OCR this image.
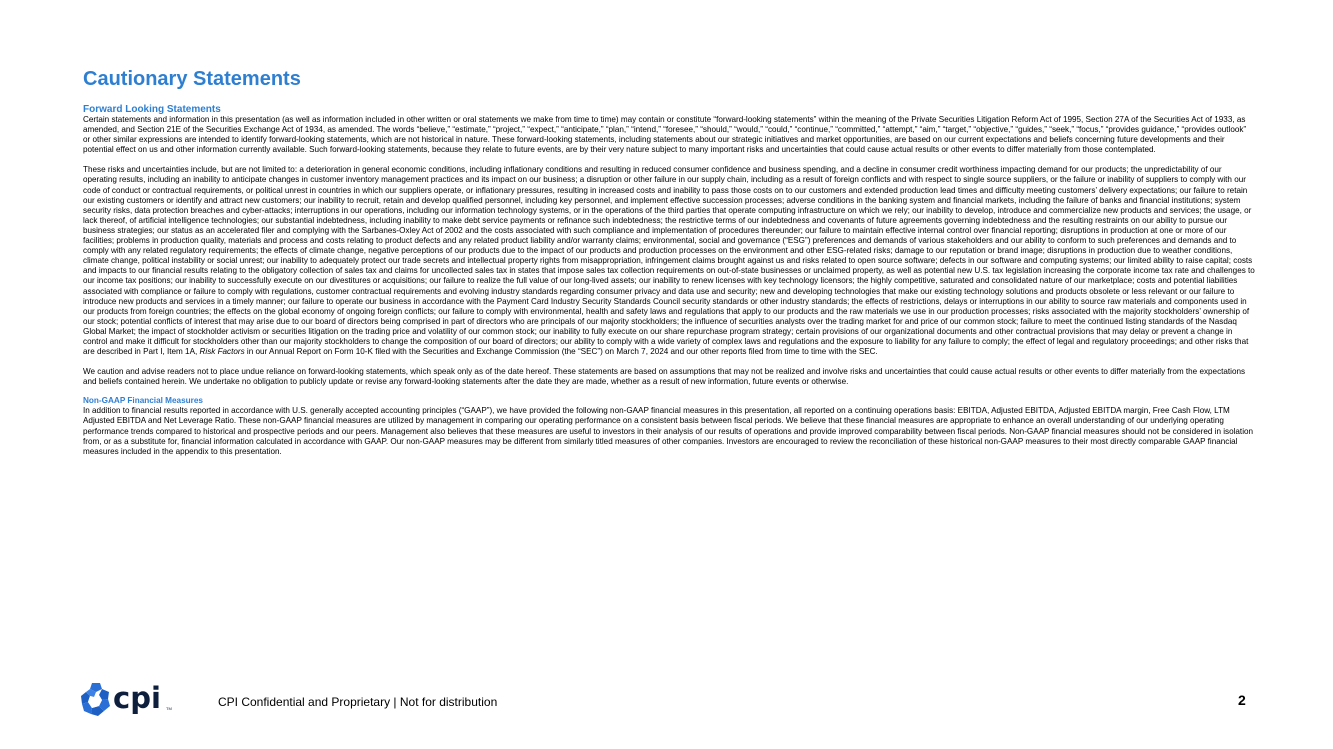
Cautionary Statements
Forward Looking Statements

Certain statements and information in this presentation (as well as information included in other written or oral statements we make from time to time) may contain or constitute “forward-looking statements” within the meaning of the Private Securities Litigation Reform Act of 1995, Section 27A of the Securities Act of 1933, as amended, and Section 21E of the Securities Exchange Act of 1934, as amended. The words “believe,” “estimate,” “project,” “expect,” “anticipate,” “plan,” “intend,” “foresee,” “should,” “would,” “could,” “continue,” “committed,” “attempt,” “aim,” “target,” “objective,” “guides,” “seek,” “focus,” “provides guidance,” “provides outlook” or other similar expressions are intended to identify forward-looking statements, which are not historical in nature. These forward-looking statements, including statements about our strategic initiatives and market opportunities, are based on our current expectations and beliefs concerning future developments and their potential effect on us and other information currently available. Such forward-looking statements, because they relate to future events, are by their very nature subject to many important risks and uncertainties that could cause actual results or other events to differ materially from those contemplated.

These risks and uncertainties include, but are not limited to: a deterioration in general economic conditions, including inflationary conditions and resulting in reduced consumer confidence and business spending, and a decline in consumer credit worthiness impacting demand for our products; the unpredictability of our operating results, including an inability to anticipate changes in customer inventory management practices and its impact on our business; a disruption or other failure in our supply chain, including as a result of foreign conflicts and with respect to single source suppliers, or the failure or inability of suppliers to comply with our code of conduct or contractual requirements, or political unrest in countries in which our suppliers operate, or inflationary pressures, resulting in increased costs and inability to pass those costs on to our customers and extended production lead times and difficulty meeting customers’ delivery expectations; our failure to retain our existing customers or identify and attract new customers; our inability to recruit, retain and develop qualified personnel, including key personnel, and implement effective succession processes; adverse conditions in the banking system and financial markets, including the failure of banks and financial institutions; system security risks, data protection breaches and cyber-attacks; interruptions in our operations, including our information technology systems, or in the operations of the third parties that operate computing infrastructure on which we rely; our inability to develop, introduce and commercialize new products and services; the usage, or lack thereof, of artificial intelligence technologies; our substantial indebtedness, including inability to make debt service payments or refinance such indebtedness; the restrictive terms of our indebtedness and covenants of future agreements governing indebtedness and the resulting restraints on our ability to pursue our business strategies; our status as an accelerated filer and complying with the Sarbanes-Oxley Act of 2002 and the costs associated with such compliance and implementation of procedures thereunder; our failure to maintain effective internal control over financial reporting; disruptions in production at one or more of our facilities; problems in production quality, materials and process and costs relating to product defects and any related product liability and/or warranty claims; environmental, social and governance (“ESG”) preferences and demands of various stakeholders and our ability to conform to such preferences and demands and to comply with any related regulatory requirements; the effects of climate change, negative perceptions of our products due to the impact of our products and production processes on the environment and other ESG-related risks; damage to our reputation or brand image; disruptions in production due to weather conditions, climate change, political instability or social unrest; our inability to adequately protect our trade secrets and intellectual property rights from misappropriation, infringement claims brought against us and risks related to open source software; defects in our software and computing systems; our limited ability to raise capital; costs and impacts to our financial results relating to the obligatory collection of sales tax and claims for uncollected sales tax in states that impose sales tax collection requirements on out-of-state businesses or unclaimed property, as well as potential new U.S. tax legislation increasing the corporate income tax rate and challenges to our income tax positions; our inability to successfully execute on our divestitures or acquisitions; our failure to realize the full value of our long-lived assets; our inability to renew licenses with key technology licensors; the highly competitive, saturated and consolidated nature of our marketplace; costs and potential liabilities associated with compliance or failure to comply with regulations, customer contractual requirements and evolving industry standards regarding consumer privacy and data use and security; new and developing technologies that make our existing technology solutions and products obsolete or less relevant or our failure to introduce new products and services in a timely manner; our failure to operate our business in accordance with the Payment Card Industry Security Standards Council security standards or other industry standards; the effects of restrictions, delays or interruptions in our ability to source raw materials and components used in our products from foreign countries; the effects on the global economy of ongoing foreign conflicts; our failure to comply with environmental, health and safety laws and regulations that apply to our products and the raw materials we use in our production processes; risks associated with the majority stockholders’ ownership of our stock; potential conflicts of interest that may arise due to our board of directors being comprised in part of directors who are principals of our majority stockholders; the influence of securities analysts over the trading market for and price of our common stock; failure to meet the continued listing standards of the Nasdaq Global Market; the impact of stockholder activism or securities litigation on the trading price and volatility of our common stock; our inability to fully execute on our share repurchase program strategy; certain provisions of our organizational documents and other contractual provisions that may delay or prevent a change in control and make it difficult for stockholders other than our majority stockholders to change the composition of our board of directors; our ability to comply with a wide variety of complex laws and regulations and the exposure to liability for any failure to comply; the effect of legal and regulatory proceedings; and other risks that are described in Part I, Item 1A, Risk Factors in our Annual Report on Form 10-K filed with the Securities and Exchange Commission (the “SEC”) on March 7, 2024 and our other reports filed from time to time with the SEC.

We caution and advise readers not to place undue reliance on forward-looking statements, which speak only as of the date hereof. These statements are based on assumptions that may not be realized and involve risks and uncertainties that could cause actual results or other events to differ materially from the expectations and beliefs contained herein. We undertake no obligation to publicly update or revise any forward-looking statements after the date they are made, whether as a result of new information, future events or otherwise.

Non-GAAP Financial Measures

In addition to financial results reported in accordance with U.S. generally accepted accounting principles (“GAAP”), we have provided the following non-GAAP financial measures in this presentation, all reported on a continuing operations basis: EBITDA, Adjusted EBITDA, Adjusted EBITDA margin, Free Cash Flow, LTM Adjusted EBITDA and Net Leverage Ratio. These non-GAAP financial measures are utilized by management in comparing our operating performance on a consistent basis between fiscal periods. We believe that these financial measures are appropriate to enhance an overall understanding of our underlying operating performance trends compared to historical and prospective periods and our peers. Management also believes that these measures are useful to investors in their analysis of our results of operations and provide improved comparability between fiscal periods. Non-GAAP financial measures should not be considered in isolation from, or as a substitute for, financial information calculated in accordance with GAAP. Our non-GAAP measures may be different from similarly titled measures of other companies. Investors are encouraged to review the reconciliation of these historical non-GAAP measures to their most directly comparable GAAP financial measures included in the appendix to this presentation.

cpi TM	CPI Confidential and Proprietary | Not for distribution	2
